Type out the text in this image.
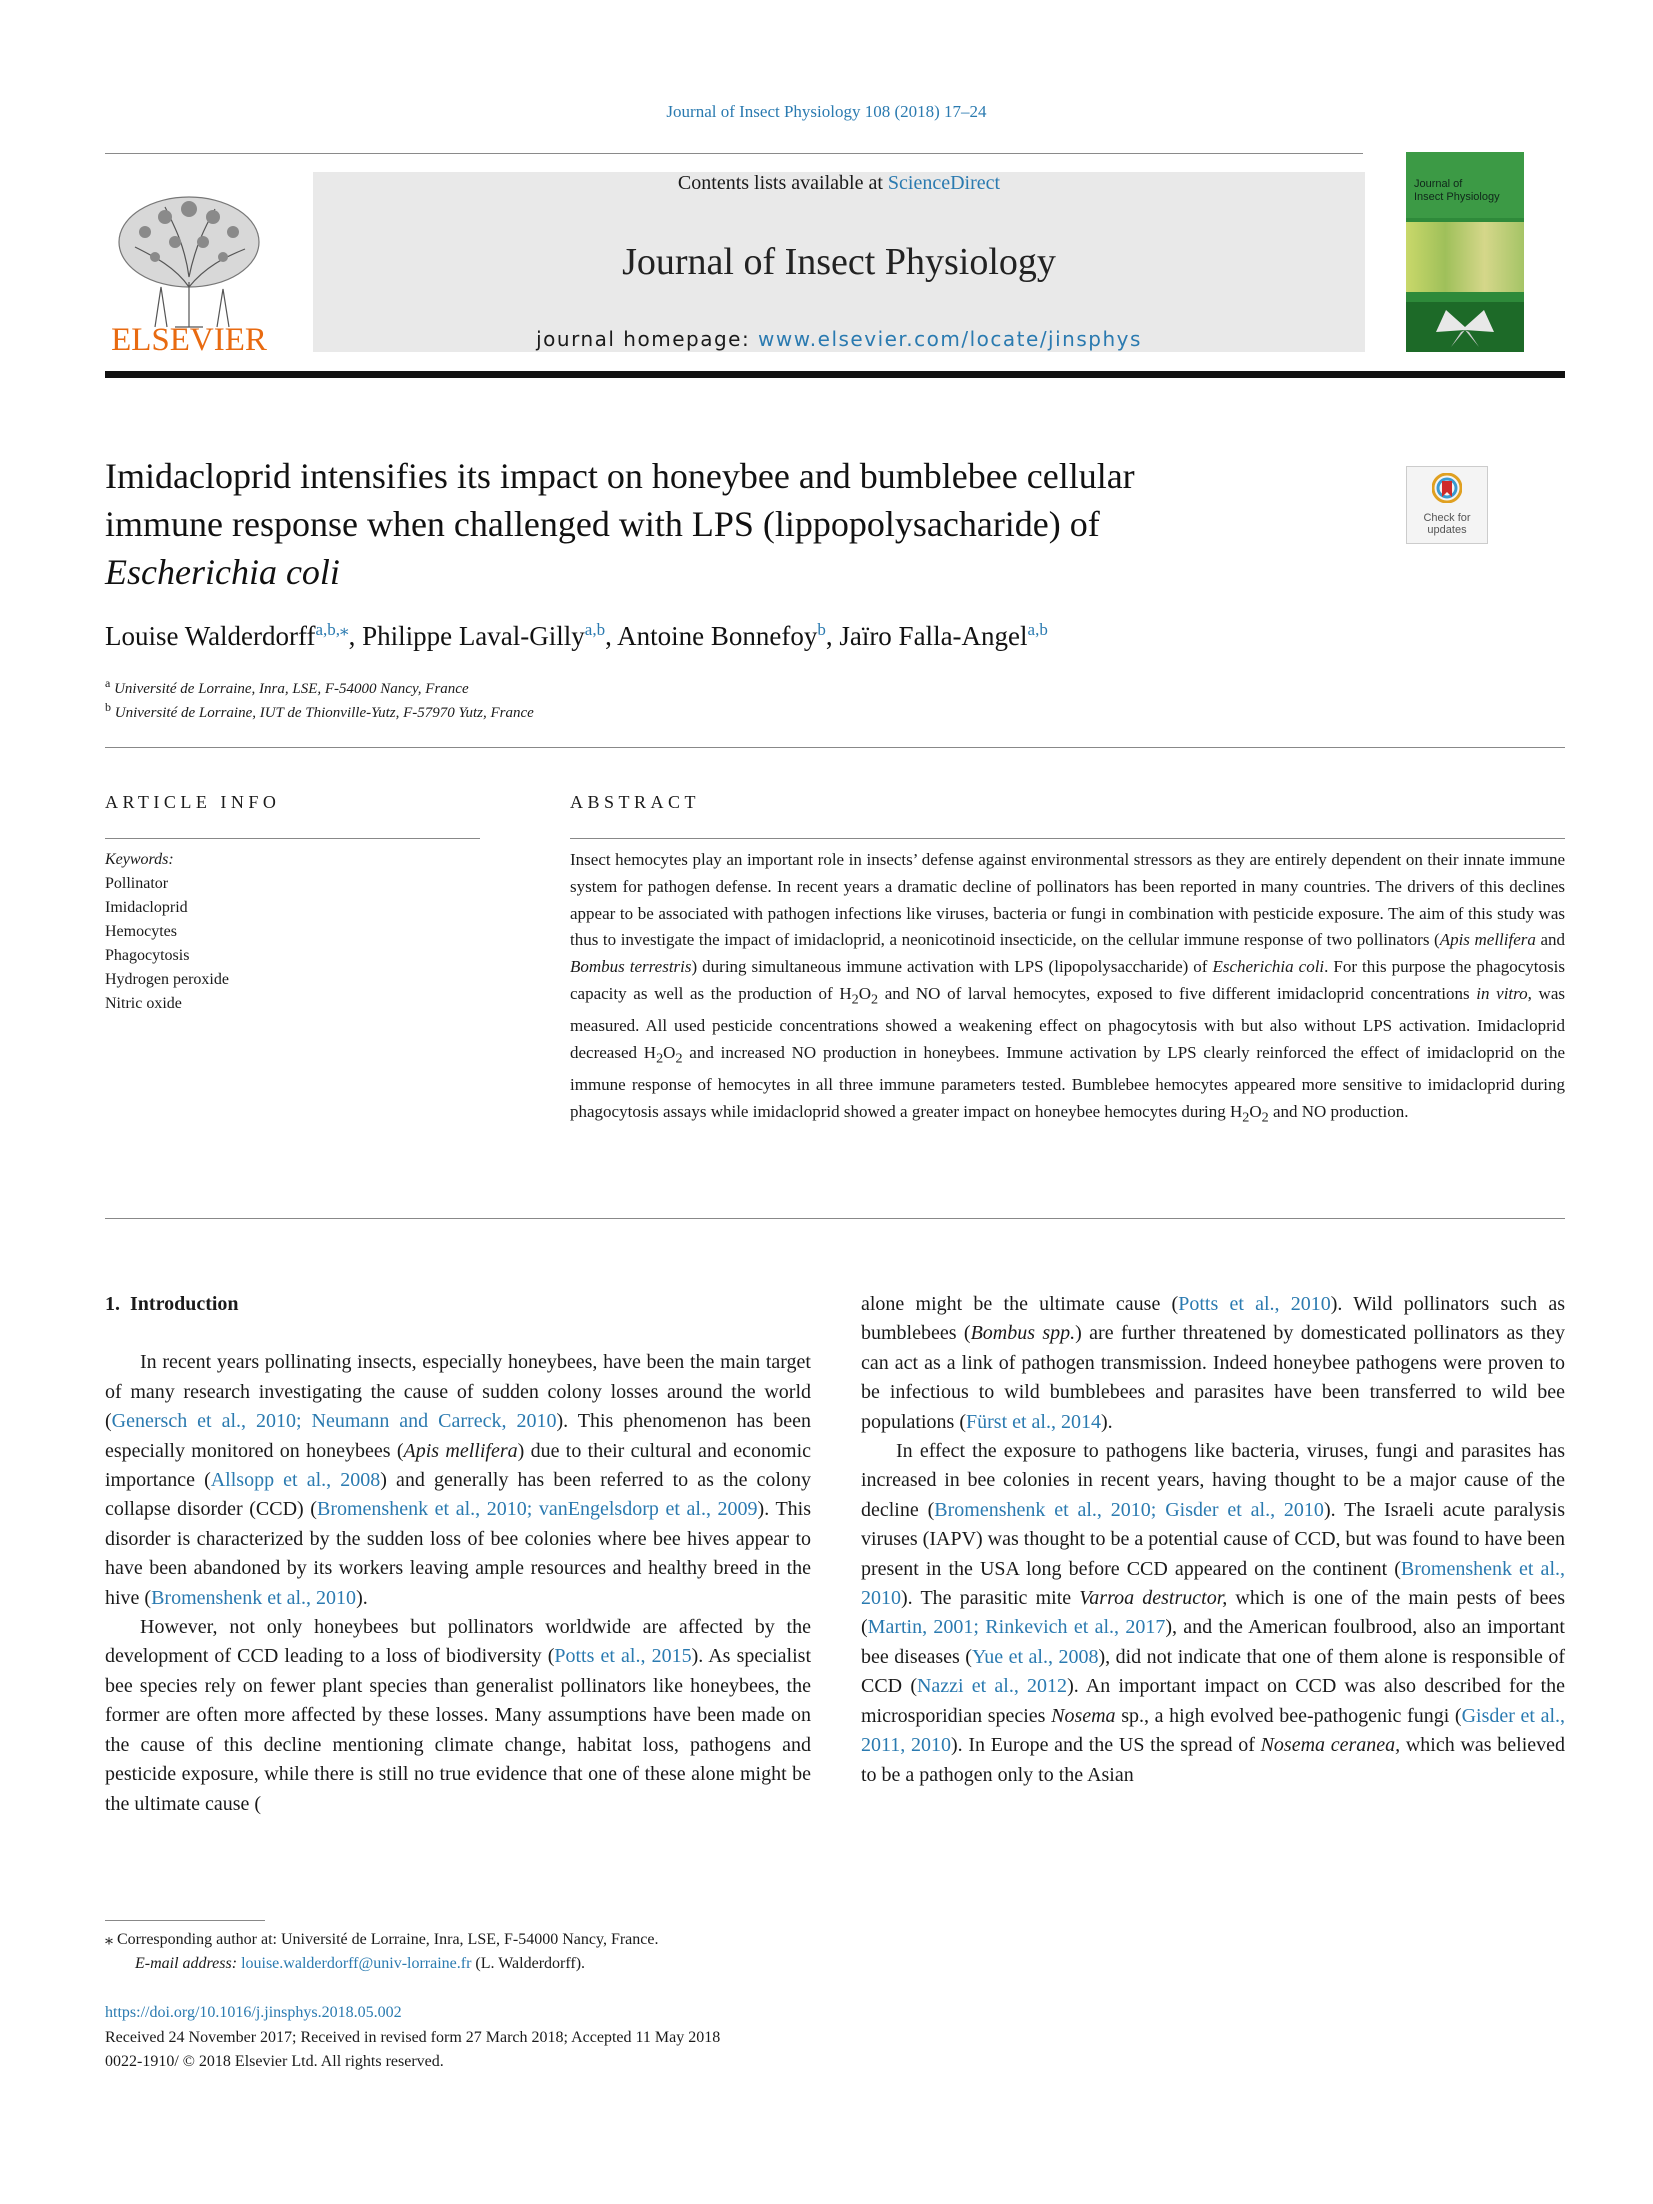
Journal of Insect Physiology 108 (2018) 17–24
ELSEVIER
Contents lists available at ScienceDirect
Journal of Insect Physiology
journal homepage: www.elsevier.com/locate/jinsphys
Journal of
Insect Physiology
Imidacloprid intensifies its impact on honeybee and bumblebee cellular
immune response when challenged with LPS (lippopolysacharide) of
Escherichia coli
Check for
updates
Louise Walderdorff$^{a,b,⁎}$, Philippe Laval-Gilly$^{a,b}$, Antoine Bonnefoy$^b$, Jaïro Falla-Angel$^{a,b}$
$^a$ Université de Lorraine, Inra, LSE, F-54000 Nancy, France
$^b$ Université de Lorraine, IUT de Thionville-Yutz, F-57970 Yutz, France
ARTICLE INFO	ABSTRACT
Keywords:
Pollinator
Imidacloprid
Hemocytes
Phagocytosis
Hydrogen peroxide
Nitric oxide
Insect hemocytes play an important role in insects’ defense against environmental stressors as they are entirely dependent on their innate immune system for pathogen defense. In recent years a dramatic decline of pollinators has been reported in many countries. The drivers of this declines appear to be associated with pathogen infections like viruses, bacteria or fungi in combination with pesticide exposure. The aim of this study was thus to investigate the impact of imidacloprid, a neonicotinoid insecticide, on the cellular immune response of two pollinators (Apis mellifera and Bombus terrestris) during simultaneous immune activation with LPS (lipopolysaccharide) of Escherichia coli. For this purpose the phagocytosis capacity as well as the production of $H_2O_2$ and NO of larval hemocytes, exposed to five different imidacloprid concentrations in vitro, was measured. All used pesticide concentrations showed a weakening effect on phagocytosis with but also without LPS activation. Imidacloprid decreased $H_2O_2$ and increased NO production in honeybees. Immune activation by LPS clearly reinforced the effect of imidacloprid on the immune response of hemocytes in all three immune parameters tested. Bumblebee hemocytes appeared more sensitive to imidacloprid during phagocytosis assays while imidacloprid showed a greater impact on honeybee hemocytes during $H_2O_2$ and NO production.

1. Introduction

In recent years pollinating insects, especially honeybees, have been the main target of many research investigating the cause of sudden colony losses around the world (Genersch et al., 2010; Neumann and Carreck, 2010). This phenomenon has been especially monitored on honeybees (Apis mellifera) due to their cultural and economic importance (Allsopp et al., 2008) and generally has been referred to as the colony collapse disorder (CCD) (Bromenshenk et al., 2010; vanEngelsdorp et al., 2009). This disorder is characterized by the sudden loss of bee colonies where bee hives appear to have been abandoned by its workers leaving ample resources and healthy breed in the hive (Bromenshenk et al., 2010).

However, not only honeybees but pollinators worldwide are affected by the development of CCD leading to a loss of biodiversity (Potts et al., 2015). As specialist bee species rely on fewer plant species than generalist pollinators like honeybees, the former are often more affected by these losses. Many assumptions have been made on the cause of this decline mentioning climate change, habitat loss, pathogens and pesticide exposure, while there is still no true evidence that one of these alone might be the ultimate cause (

alone might be the ultimate cause (Potts et al., 2010). Wild pollinators such as bumblebees (Bombus spp.) are further threatened by domesticated pollinators as they can act as a link of pathogen transmission. Indeed honeybee pathogens were proven to be infectious to wild bumblebees and parasites have been transferred to wild bee populations (Fürst et al., 2014).

In effect the exposure to pathogens like bacteria, viruses, fungi and parasites has increased in bee colonies in recent years, having thought to be a major cause of the decline (Bromenshenk et al., 2010; Gisder et al., 2010). The Israeli acute paralysis viruses (IAPV) was thought to be a potential cause of CCD, but was found to have been present in the USA long before CCD appeared on the continent (Bromenshenk et al., 2010). The parasitic mite Varroa destructor, which is one of the main pests of bees (Martin, 2001; Rinkevich et al., 2017), and the American foulbrood, also an important bee diseases (Yue et al., 2008), did not indicate that one of them alone is responsible of CCD (Nazzi et al., 2012). An important impact on CCD was also described for the microsporidian species Nosema sp., a high evolved bee-pathogenic fungi (Gisder et al., 2011, 2010). In Europe and the US the spread of Nosema ceranea, which was believed to be a pathogen only to the Asian

⁎ Corresponding author at: Université de Lorraine, Inra, LSE, F-54000 Nancy, France.
E-mail address: louise.walderdorff@univ-lorraine.fr (L. Walderdorff).
https://doi.org/10.1016/j.jinsphys.2018.05.002
Received 24 November 2017; Received in revised form 27 March 2018; Accepted 11 May 2018
0022-1910/ © 2018 Elsevier Ltd. All rights reserved.
